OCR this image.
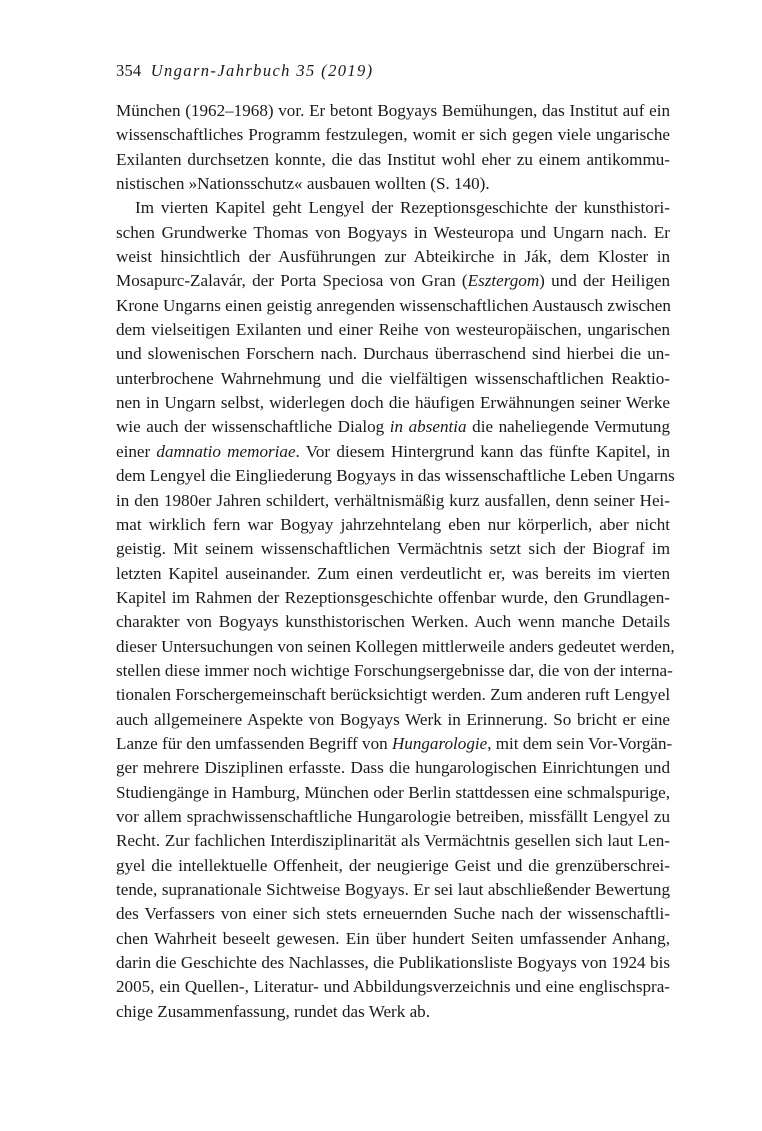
354 Ungarn-Jahrbuch 35 (2019)
München (1962–1968) vor. Er betont Bogyays Bemühungen, das Institut auf ein
wissenschaftliches Programm festzulegen, womit er sich gegen viele ungarische
Exilanten durchsetzen konnte, die das Institut wohl eher zu einem antikommu-
nistischen »Nationsschutz« ausbauen wollten (S. 140).
Im vierten Kapitel geht Lengyel der Rezeptionsgeschichte der kunsthistori-
schen Grundwerke Thomas von Bogyays in Westeuropa und Ungarn nach. Er
weist hinsichtlich der Ausführungen zur Abteikirche in Ják, dem Kloster in
Mosapurc-Zalavár, der Porta Speciosa von Gran (Esztergom) und der Heiligen
Krone Ungarns einen geistig anregenden wissenschaftlichen Austausch zwischen
dem vielseitigen Exilanten und einer Reihe von westeuropäischen, ungarischen
und slowenischen Forschern nach. Durchaus überraschend sind hierbei die un-
unterbrochene Wahrnehmung und die vielfältigen wissenschaftlichen Reaktio-
nen in Ungarn selbst, widerlegen doch die häufigen Erwähnungen seiner Werke
wie auch der wissenschaftliche Dialog in absentia die naheliegende Vermutung
einer damnatio memoriae. Vor diesem Hintergrund kann das fünfte Kapitel, in
dem Lengyel die Eingliederung Bogyays in das wissenschaftliche Leben Ungarns
in den 1980er Jahren schildert, verhältnismäßig kurz ausfallen, denn seiner Hei-
mat wirklich fern war Bogyay jahrzehntelang eben nur körperlich, aber nicht
geistig. Mit seinem wissenschaftlichen Vermächtnis setzt sich der Biograf im
letzten Kapitel auseinander. Zum einen verdeutlicht er, was bereits im vierten
Kapitel im Rahmen der Rezeptionsgeschichte offenbar wurde, den Grundlagen-
charakter von Bogyays kunsthistorischen Werken. Auch wenn manche Details
dieser Untersuchungen von seinen Kollegen mittlerweile anders gedeutet werden,
stellen diese immer noch wichtige Forschungsergebnisse dar, die von der interna-
tionalen Forschergemeinschaft berücksichtigt werden. Zum anderen ruft Lengyel
auch allgemeinere Aspekte von Bogyays Werk in Erinnerung. So bricht er eine
Lanze für den umfassenden Begriff von Hungarologie, mit dem sein Vor-Vorgän-
ger mehrere Disziplinen erfasste. Dass die hungarologischen Einrichtungen und
Studiengänge in Hamburg, München oder Berlin stattdessen eine schmalspurige,
vor allem sprachwissenschaftliche Hungarologie betreiben, missfällt Lengyel zu
Recht. Zur fachlichen Interdisziplinarität als Vermächtnis gesellen sich laut Len-
gyel die intellektuelle Offenheit, der neugierige Geist und die grenzüberschrei-
tende, supranationale Sichtweise Bogyays. Er sei laut abschließender Bewertung
des Verfassers von einer sich stets erneuernden Suche nach der wissenschaftli-
chen Wahrheit beseelt gewesen. Ein über hundert Seiten umfassender Anhang,
darin die Geschichte des Nachlasses, die Publikationsliste Bogyays von 1924 bis
2005, ein Quellen-, Literatur- und Abbildungsverzeichnis und eine englischspra-
chige Zusammenfassung, rundet das Werk ab.
